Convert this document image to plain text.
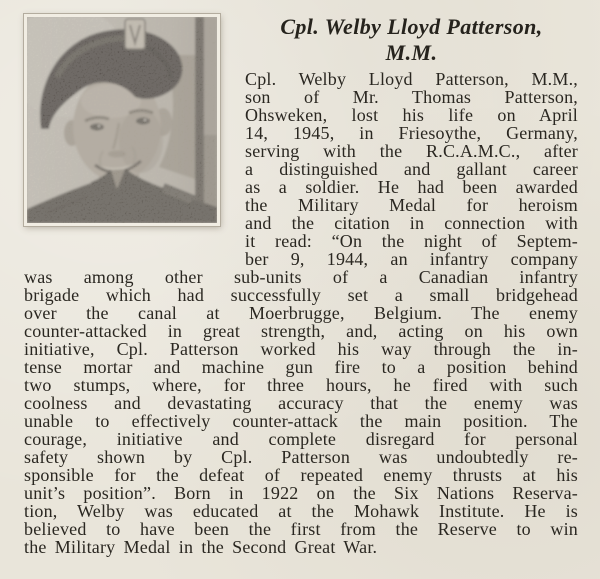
Cpl. Welby Lloyd Patterson,
M.M.

Cpl. Welby Lloyd Patterson, M.M.,

son of Mr. Thomas Patterson,

Ohsweken, lost his life on April

14, 1945, in Friesoythe, Germany,

serving with the R.C.A.M.C., after

a distinguished and gallant career

as a soldier. He had been awarded

the Military Medal for heroism

and the citation in connection with

it read: “On the night of Septem-

ber 9, 1944, an infantry company

was among other sub-units of a Canadian infantry

brigade which had successfully set a small bridgehead

over the canal at Moerbrugge, Belgium. The enemy

counter-attacked in great strength, and, acting on his own

initiative, Cpl. Patterson worked his way through the in-

tense mortar and machine gun fire to a position behind

two stumps, where, for three hours, he fired with such

coolness and devastating accuracy that the enemy was

unable to effectively counter-attack the main position. The

courage, initiative and complete disregard for personal

safety shown by Cpl. Patterson was undoubtedly re-

sponsible for the defeat of repeated enemy thrusts at his

unit’s position”. Born in 1922 on the Six Nations Reserva-

tion, Welby was educated at the Mohawk Institute. He is

believed to have been the first from the Reserve to win

the Military Medal in the Second Great War.
